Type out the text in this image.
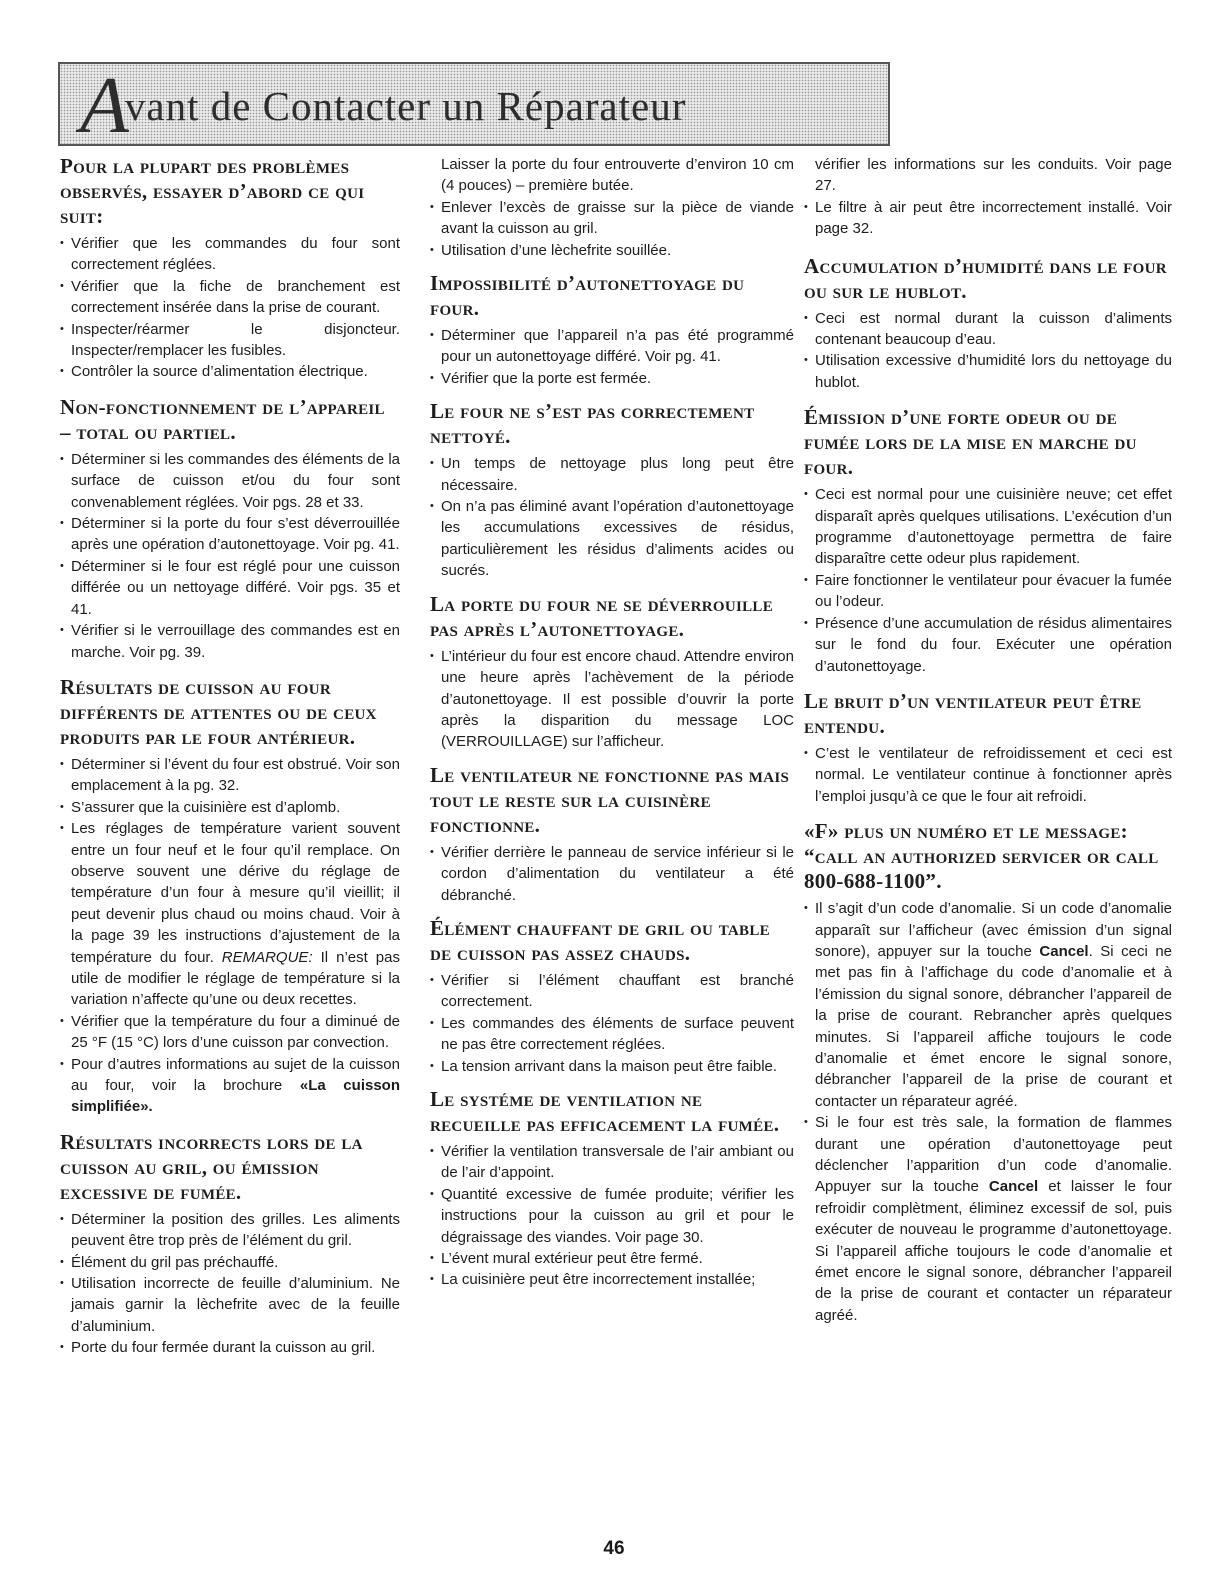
Avant de Contacter un Réparateur
Pour la plupart des problèmes observés, essayer d’abord ce qui suit:
• Vérifier que les commandes du four sont correctement réglées.
• Vérifier que la fiche de branchement est correctement insérée dans la prise de courant.
• Inspecter/réarmer le disjoncteur. Inspecter/remplacer les fusibles.
• Contrôler la source d’alimentation électrique.
Non-fonctionnement de l’appareil – total ou partiel.
• Déterminer si les commandes des éléments de la surface de cuisson et/ou du four sont convenablement réglées. Voir pgs. 28 et 33.
• Déterminer si la porte du four s’est déverrouillée après une opération d’autonettoyage. Voir pg. 41.
• Déterminer si le four est réglé pour une cuisson différée ou un nettoyage différé. Voir pgs. 35 et 41.
• Vérifier si le verrouillage des commandes est en marche. Voir pg. 39.
Résultats de cuisson au four différents de attentes ou de ceux produits par le four antérieur.
• Déterminer si l’évent du four est obstrué. Voir son emplacement à la pg. 32.
• S’assurer que la cuisinière est d’aplomb.
• Les réglages de température varient souvent entre un four neuf et le four qu’il remplace. On observe souvent une dérive du réglage de température d’un four à mesure qu’il vieillit; il peut devenir plus chaud ou moins chaud. Voir à la page 39 les instructions d’ajustement de la température du four. REMARQUE: Il n’est pas utile de modifier le réglage de température si la variation n’affecte qu’une ou deux recettes.
• Vérifier que la température du four a diminué de 25 °F (15 °C) lors d’une cuisson par convection.
• Pour d’autres informations au sujet de la cuisson au four, voir la brochure «La cuisson simplifiée».
Résultats incorrects lors de la cuisson au gril, ou émission excessive de fumée.
• Déterminer la position des grilles. Les aliments peuvent être trop près de l’élément du gril.
• Élément du gril pas préchauffé.
• Utilisation incorrecte de feuille d’aluminium. Ne jamais garnir la lèchefrite avec de la feuille d’aluminium.
• Porte du four fermée durant la cuisson au gril.
Laisser la porte du four entrouverte d’environ 10 cm (4 pouces) – première butée.
• Enlever l’excès de graisse sur la pièce de viande avant la cuisson au gril.
• Utilisation d’une lèchefrite souillée.
Impossibilité d’autonettoyage du four.
• Déterminer que l’appareil n’a pas été programmé pour un autonettoyage différé. Voir pg. 41.
• Vérifier que la porte est fermée.
Le four ne s’est pas correctement nettoyé.
• Un temps de nettoyage plus long peut être nécessaire.
• On n’a pas éliminé avant l’opération d’autonettoyage les accumulations excessives de résidus, particulièrement les résidus d’aliments acides ou sucrés.
La porte du four ne se déverrouille pas après l’autonettoyage.
• L’intérieur du four est encore chaud. Attendre environ une heure après l’achèvement de la période d’autonettoyage. Il est possible d’ouvrir la porte après la disparition du message LOC (VERROUILLAGE) sur l’afficheur.
Le ventilateur ne fonctionne pas mais tout le reste sur la cuisinère fonctionne.
• Vérifier derrière le panneau de service inférieur si le cordon d’alimentation du ventilateur a été débranché.
Élément chauffant de gril ou table de cuisson pas assez chauds.
• Vérifier si l’élément chauffant est branché correctement.
• Les commandes des éléments de surface peuvent ne pas être correctement réglées.
• La tension arrivant dans la maison peut être faible.
Le systéme de ventilation ne recueille pas efficacement la fumée.
• Vérifier la ventilation transversale de l’air ambiant ou de l’air d’appoint.
• Quantité excessive de fumée produite; vérifier les instructions pour la cuisson au gril et pour le dégraissage des viandes. Voir page 30.
• L’évent mural extérieur peut être fermé.
• La cuisinière peut être incorrectement installée;
vérifier les informations sur les conduits. Voir page 27.
• Le filtre à air peut être incorrectement installé. Voir page 32.
Accumulation d’humidité dans le four ou sur le hublot.
• Ceci est normal durant la cuisson d’aliments contenant beaucoup d’eau.
• Utilisation excessive d’humidité lors du nettoyage du hublot.
Émission d’une forte odeur ou de fumée lors de la mise en marche du four.
• Ceci est normal pour une cuisinière neuve; cet effet disparaît après quelques utilisations. L’exécution d’un programme d’autonettoyage permettra de faire disparaître cette odeur plus rapidement.
• Faire fonctionner le ventilateur pour évacuer la fumée ou l’odeur.
• Présence d’une accumulation de résidus alimentaires sur le fond du four. Exécuter une opération d’autonettoyage.
Le bruit d’un ventilateur peut être entendu.
• C’est le ventilateur de refroidissement et ceci est normal. Le ventilateur continue à fonctionner après l’emploi jusqu’à ce que le four ait refroidi.
«F» plus un numéro et le message: “call an authorized servicer or call 800-688-1100”.
• Il s’agit d’un code d’anomalie. Si un code d’anomalie apparaît sur l’afficheur (avec émission d’un signal sonore), appuyer sur la touche Cancel. Si ceci ne met pas fin à l’affichage du code d’anomalie et à l’émission du signal sonore, débrancher l’appareil de la prise de courant. Rebrancher après quelques minutes. Si l’appareil affiche toujours le code d’anomalie et émet encore le signal sonore, débrancher l’appareil de la prise de courant et contacter un réparateur agréé.
• Si le four est très sale, la formation de flammes durant une opération d’autonettoyage peut déclencher l’apparition d’un code d’anomalie. Appuyer sur la touche Cancel et laisser le four refroidir complètment, éliminez excessif de sol, puis exécuter de nouveau le programme d’autonettoyage. Si l’appareil affiche toujours le code d’anomalie et émet encore le signal sonore, débrancher l’appareil de la prise de courant et contacter un réparateur agréé.
46
